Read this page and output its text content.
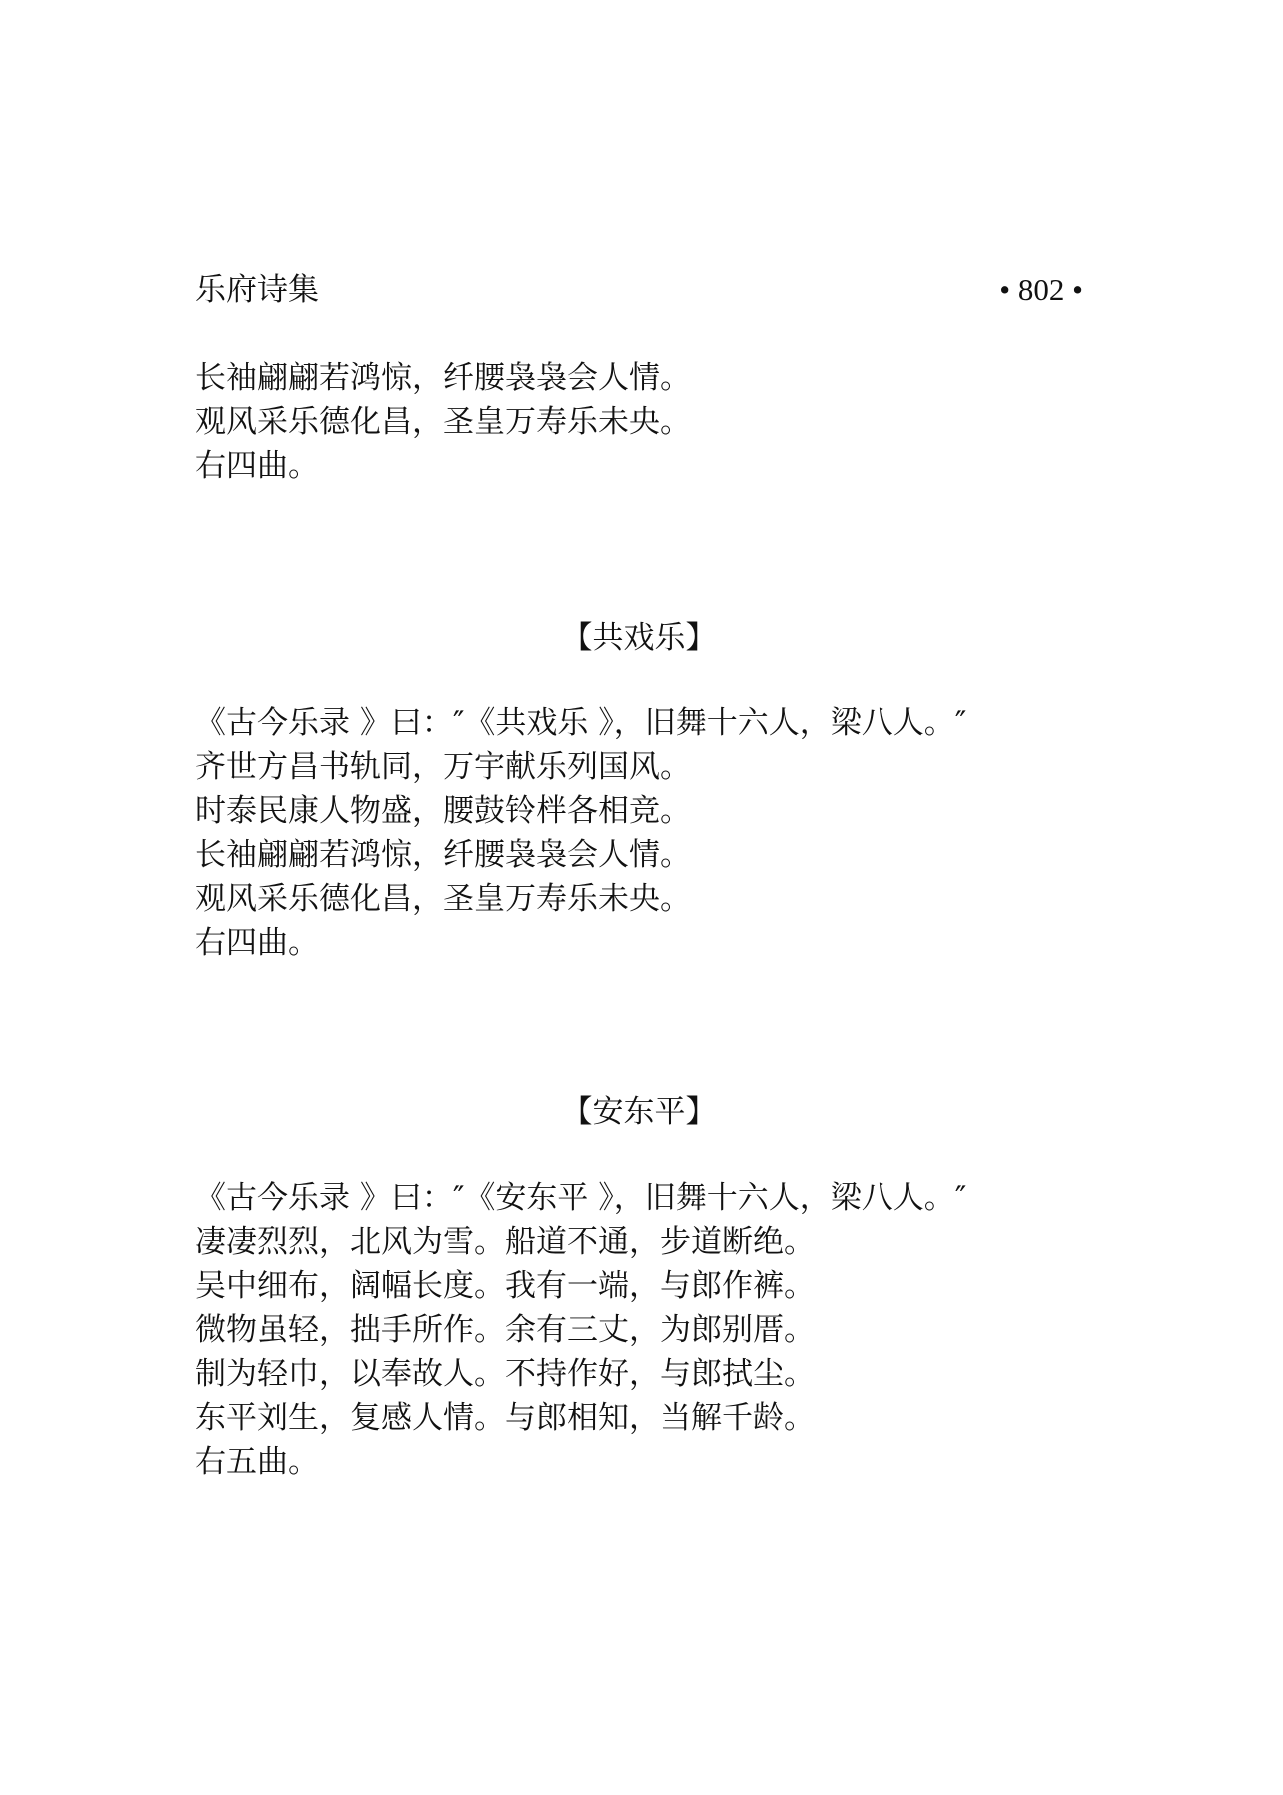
乐府诗集	• 802 •
长袖翩翩若鸿惊，纤腰袅袅会人情。
观风采乐德化昌，圣皇万寿乐未央。
右四曲。
【共戏乐】
《古今乐录 》曰：″《共戏乐 》，旧舞十六人，梁八人。″
齐世方昌书轨同，万宇献乐列国风。
时泰民康人物盛，腰鼓铃柈各相竞。
长袖翩翩若鸿惊，纤腰袅袅会人情。
观风采乐德化昌，圣皇万寿乐未央。
右四曲。
【安东平】
《古今乐录 》曰：″《安东平 》，旧舞十六人，梁八人。″
凄凄烈烈，北风为雪。船道不通，步道断绝。
吴中细布，阔幅长度。我有一端，与郎作裤。
微物虽轻，拙手所作。余有三丈，为郎别厝。
制为轻巾，以奉故人。不持作好，与郎拭尘。
东平刘生，复感人情。与郎相知，当解千龄。
右五曲。
